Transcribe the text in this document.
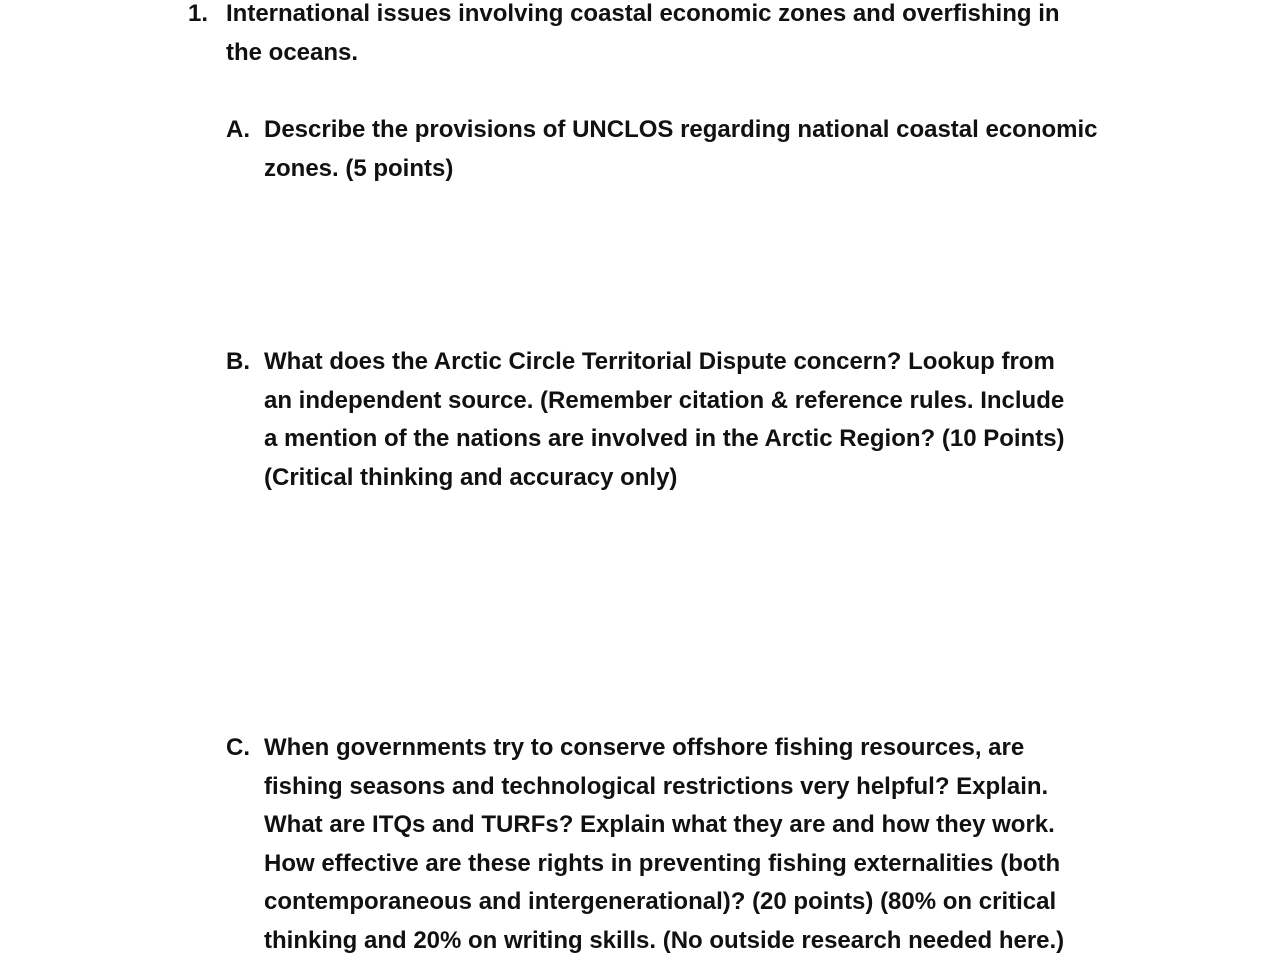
1. International issues involving coastal economic zones and overfishing in
the oceans.
A. Describe the provisions of UNCLOS regarding national coastal economic
zones. (5 points)
B. What does the Arctic Circle Territorial Dispute concern? Lookup from
an independent source. (Remember citation & reference rules. Include
a mention of the nations are involved in the Arctic Region? (10 Points)
(Critical thinking and accuracy only)
C. When governments try to conserve offshore fishing resources, are
fishing seasons and technological restrictions very helpful? Explain.
What are ITQs and TURFs? Explain what they are and how they work.
How effective are these rights in preventing fishing externalities (both
contemporaneous and intergenerational)? (20 points) (80% on critical
thinking and 20% on writing skills. (No outside research needed here.)
